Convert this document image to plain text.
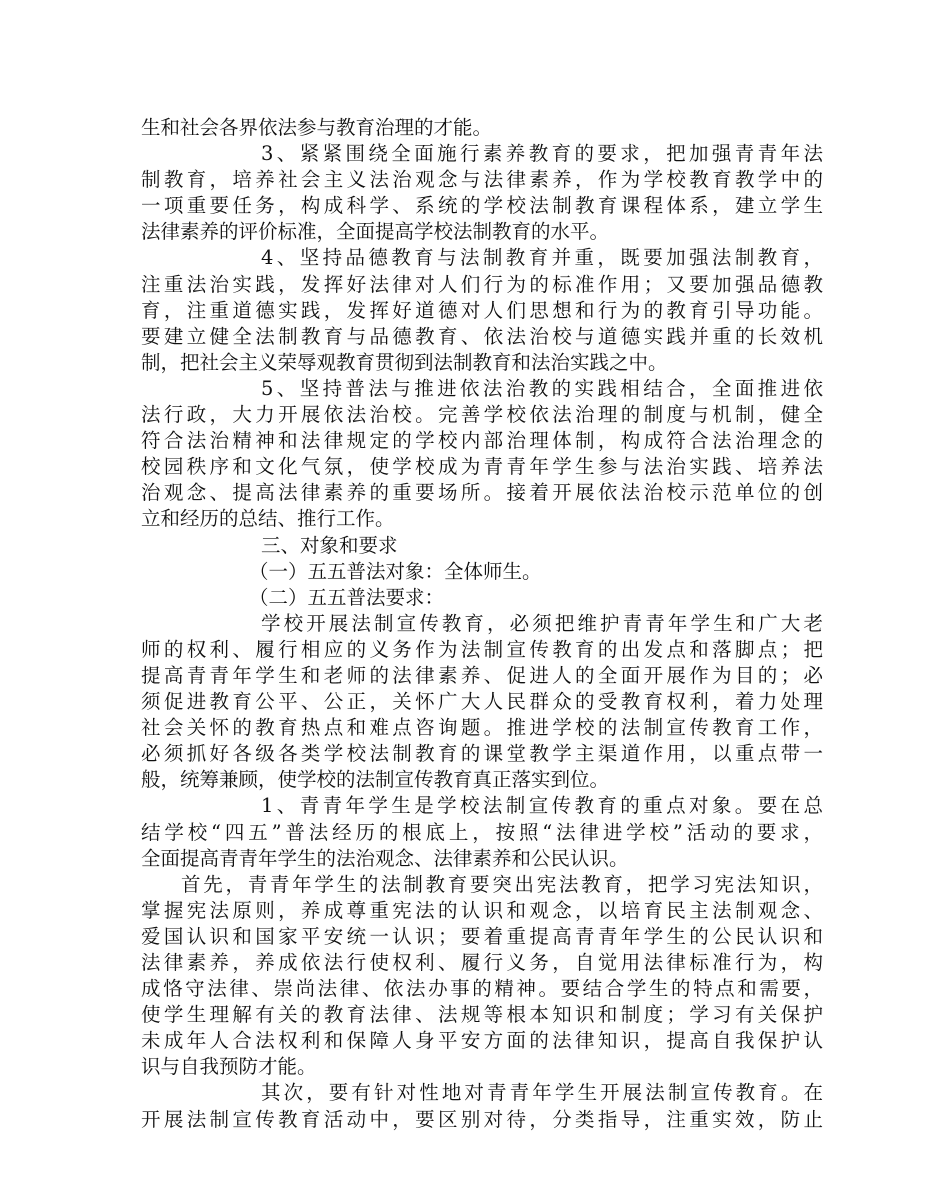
生和社会各界依法参与教育治理的才能。
3、紧紧围绕全面施行素养教育的要求，把加强青青年法
制教育，培养社会主义法治观念与法律素养，作为学校教育教学中的
一项重要任务，构成科学、系统的学校法制教育课程体系，建立学生
法律素养的评价标准，全面提高学校法制教育的水平。
4、坚持品德教育与法制教育并重，既要加强法制教育，
注重法治实践，发挥好法律对人们行为的标准作用；又要加强品德教
育，注重道德实践，发挥好道德对人们思想和行为的教育引导功能。
要建立健全法制教育与品德教育、依法治校与道德实践并重的长效机
制，把社会主义荣辱观教育贯彻到法制教育和法治实践之中。
5、坚持普法与推进依法治教的实践相结合，全面推进依
法行政，大力开展依法治校。完善学校依法治理的制度与机制，健全
符合法治精神和法律规定的学校内部治理体制，构成符合法治理念的
校园秩序和文化气氛，使学校成为青青年学生参与法治实践、培养法
治观念、提高法律素养的重要场所。接着开展依法治校示范单位的创
立和经历的总结、推行工作。
三、对象和要求
（一）五五普法对象：全体师生。
（二）五五普法要求：
学校开展法制宣传教育，必须把维护青青年学生和广大老
师的权利、履行相应的义务作为法制宣传教育的出发点和落脚点；把
提高青青年学生和老师的法律素养、促进人的全面开展作为目的；必
须促进教育公平、公正，关怀广大人民群众的受教育权利，着力处理
社会关怀的教育热点和难点咨询题。推进学校的法制宣传教育工作，
必须抓好各级各类学校法制教育的课堂教学主渠道作用，以重点带一
般，统筹兼顾，使学校的法制宣传教育真正落实到位。
1、青青年学生是学校法制宣传教育的重点对象。要在总
结学校“四五”普法经历的根底上，按照“法律进学校”活动的要求，
全面提高青青年学生的法治观念、法律素养和公民认识。
首先，青青年学生的法制教育要突出宪法教育，把学习宪法知识，
掌握宪法原则，养成尊重宪法的认识和观念，以培育民主法制观念、
爱国认识和国家平安统一认识；要着重提高青青年学生的公民认识和
法律素养，养成依法行使权利、履行义务，自觉用法律标准行为，构
成恪守法律、崇尚法律、依法办事的精神。要结合学生的特点和需要，
使学生理解有关的教育法律、法规等根本知识和制度；学习有关保护
未成年人合法权利和保障人身平安方面的法律知识，提高自我保护认
识与自我预防才能。
其次，要有针对性地对青青年学生开展法制宣传教育。在
开展法制宣传教育活动中，要区别对待，分类指导，注重实效，防止
